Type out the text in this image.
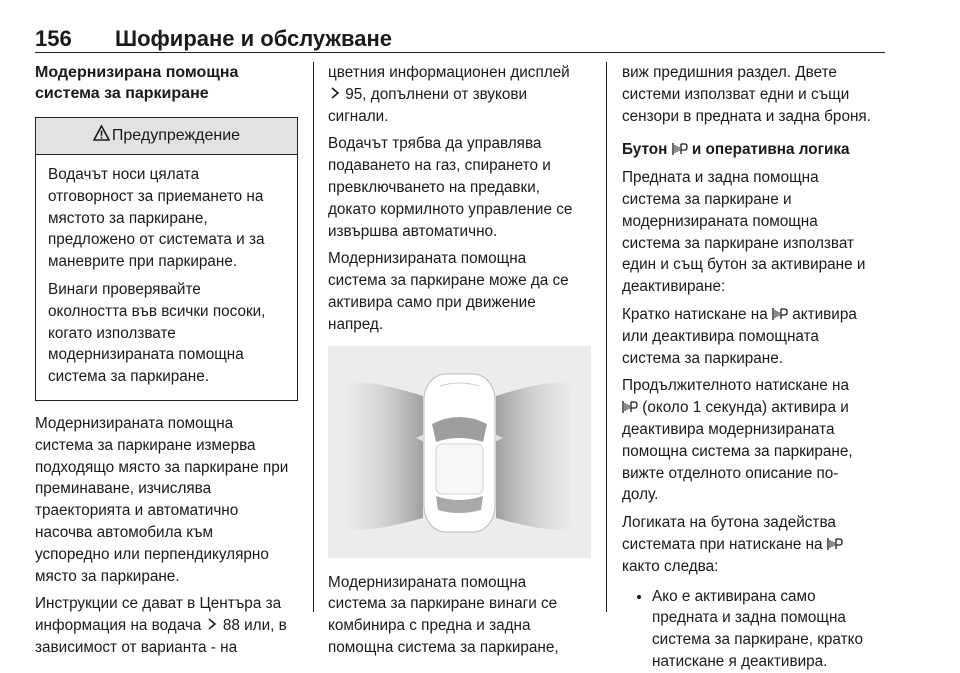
156 Шофиране и обслужване

Модернизирана помощна
система за паркиране

Предупреждение

Водачът носи цялата
отговорност за приемането на
мястото за паркиране,
предложено от системата и за
маневрите при паркиране.

Винаги проверявайте
околността във всички посоки,
когато използвате
модернизираната помощна
система за паркиране.

Модернизираната помощна
система за паркиране измерва
подходящо място за паркиране при
преминаване, изчислява
траекторията и автоматично
насочва автомобила към
успоредно или перпендикулярно
място за паркиране.

Инструкции се дават в Центъра за
информация на водача  88 или, в
зависимост от варианта - на

цветния информационен дисплей
95, допълнени от звукови
сигнали.

Водачът трябва да управлява
подаването на газ, спирането и
превключването на предавки,
докато кормилното управление се
извършва автоматично.

Модернизираната помощна
система за паркиране може да се
активира само при движение
напред.

Модернизираната помощна
система за паркиране винаги се
комбинира с предна и задна
помощна система за паркиране,

виж предишния раздел. Двете
системи използват едни и същи
сензори в предната и задна броня.

Бутон  и оперативна логика

Предната и задна помощна
система за паркиране и
модернизираната помощна
система за паркиране използват
един и същ бутон за активиране и
деактивиране:

Кратко натискане на  активира
или деактивира помощната
система за паркиране.

Продължителното натискане на
(около 1 секунда) активира и
деактивира модернизираната
помощна система за паркиране,
вижте отделното описание по-
долу.

Логиката на бутона задейства
системата при натискане на
както следва:

• Ако е активирана само
предната и задна помощна
система за паркиране, кратко
натискане я деактивира.
